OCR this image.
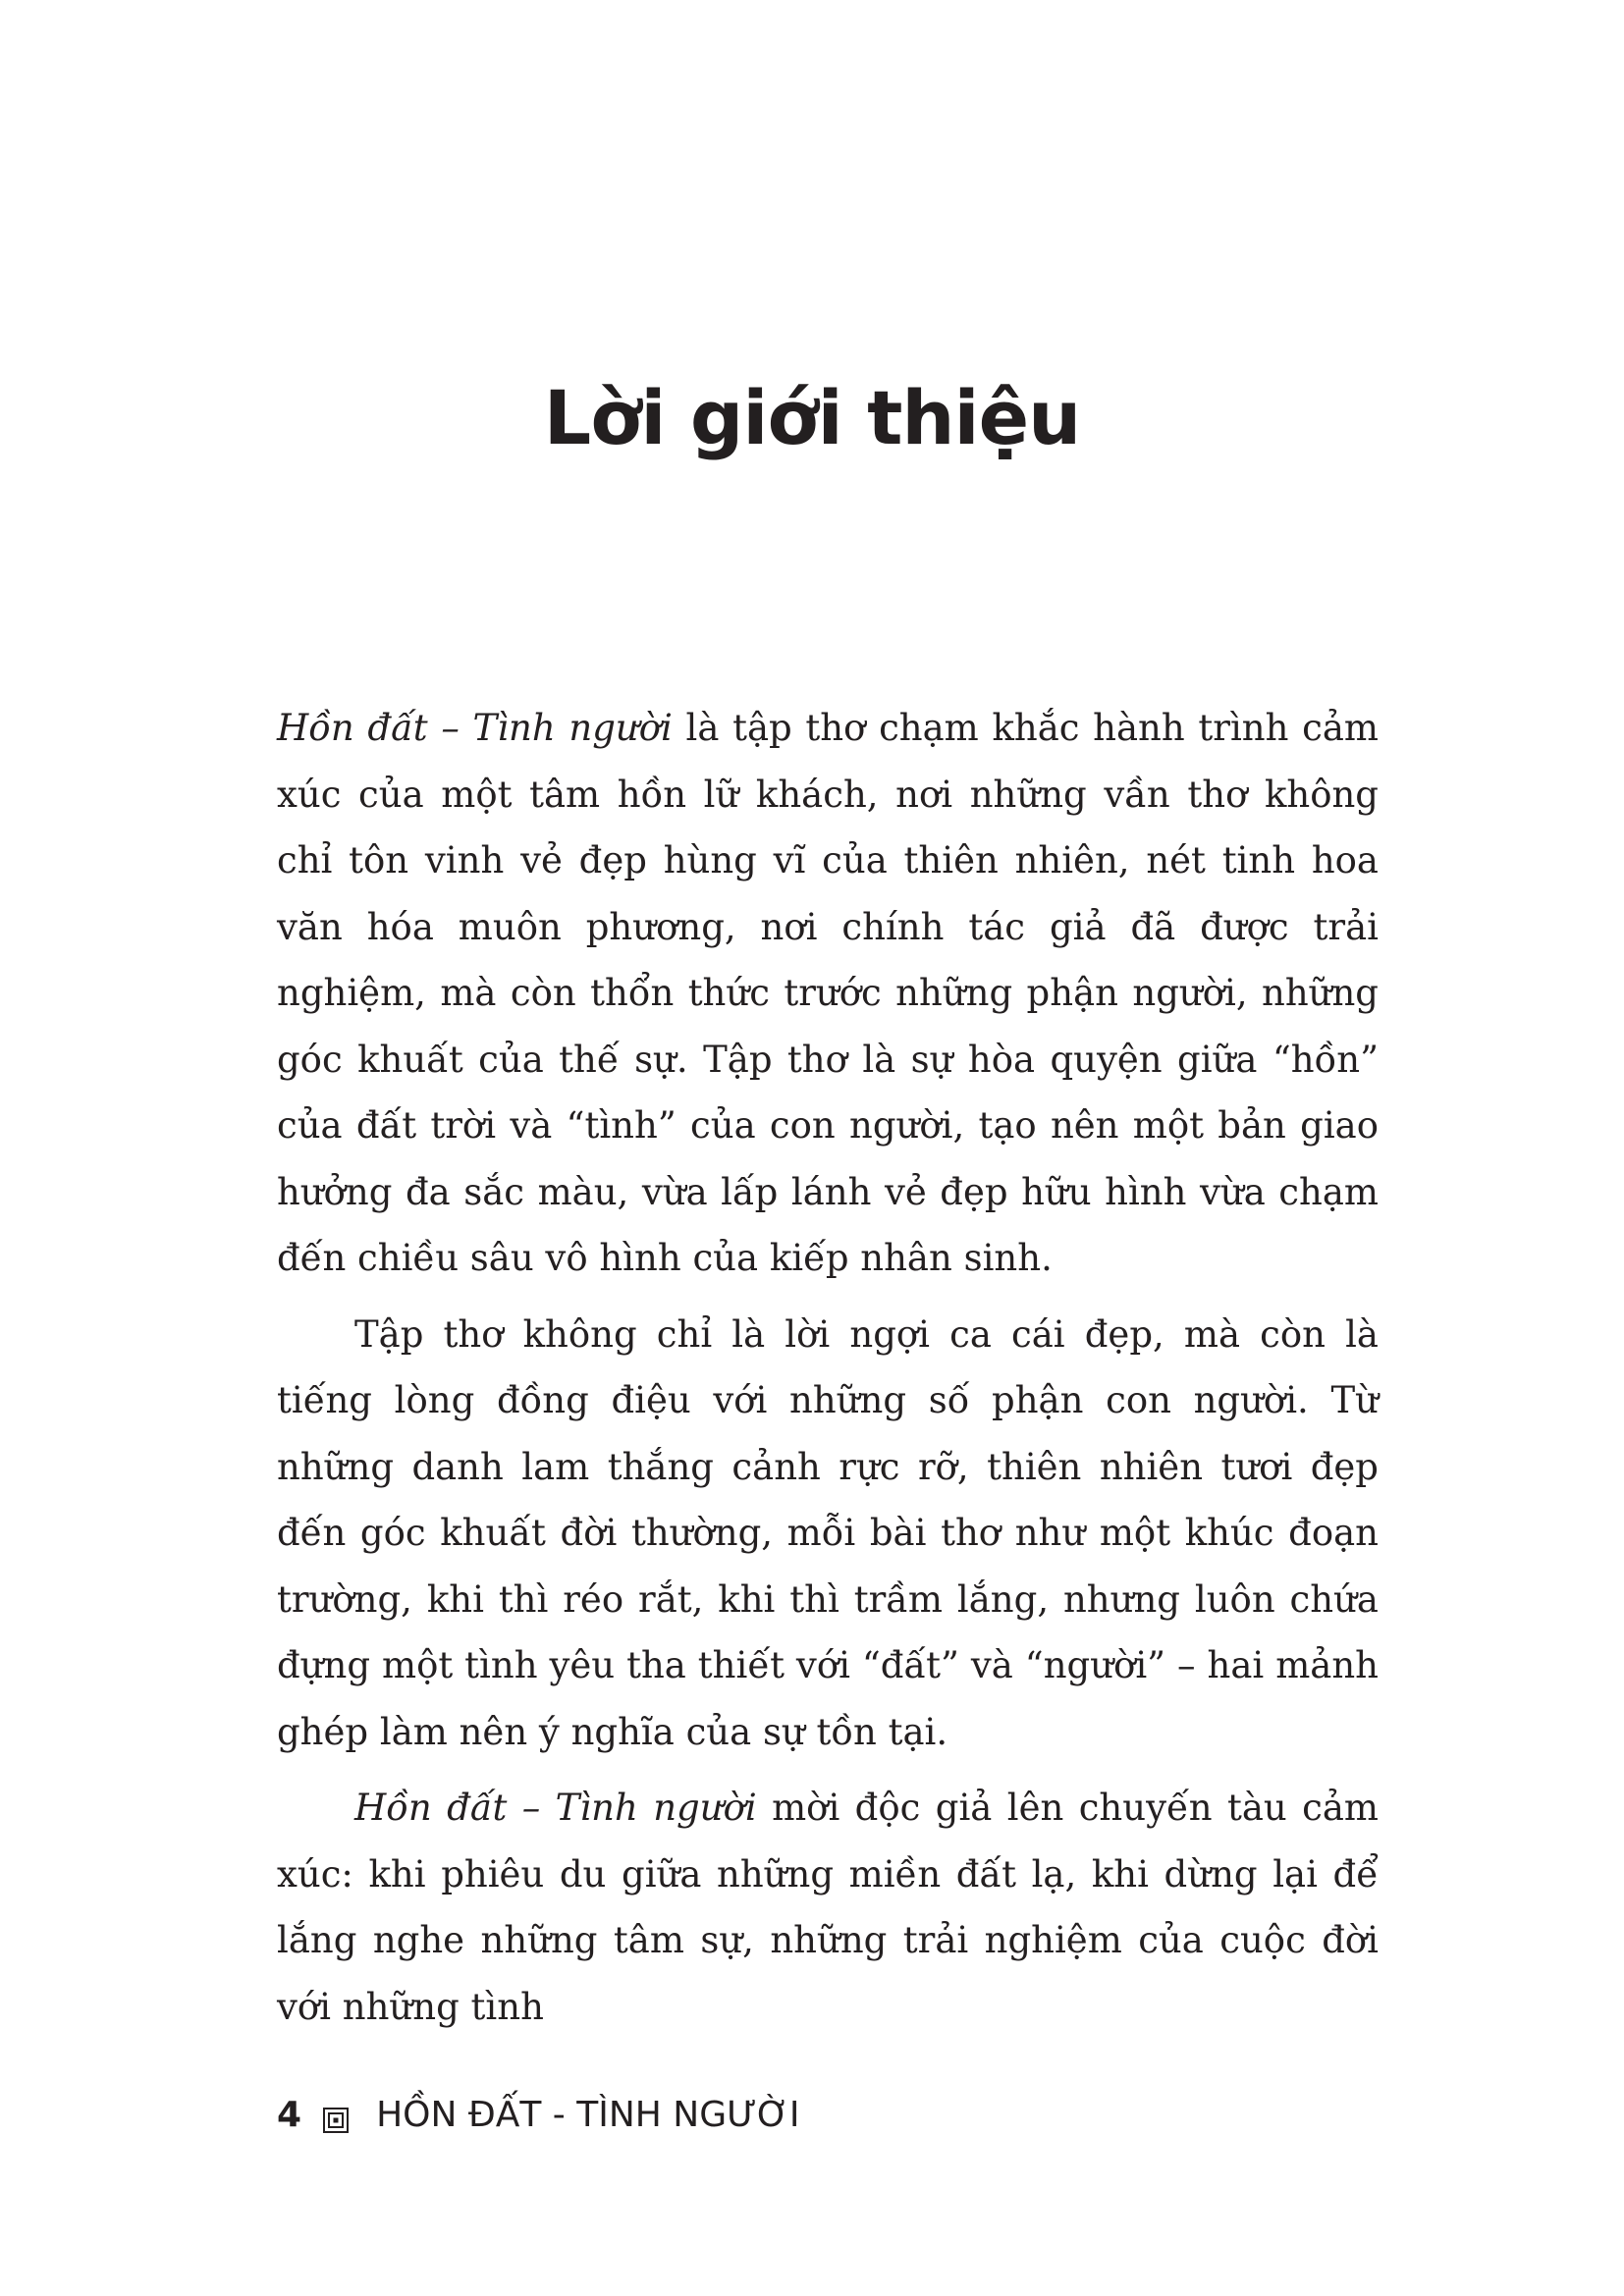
Lời giới thiệu

Hồn đất – Tình người là tập thơ chạm khắc hành trình cảm xúc của một tâm hồn lữ khách, nơi những vần thơ không chỉ tôn vinh vẻ đẹp hùng vĩ của thiên nhiên, nét tinh hoa văn hóa muôn phương, nơi chính tác giả đã được trải nghiệm, mà còn thổn thức trước những phận người, những góc khuất của thế sự. Tập thơ là sự hòa quyện giữa “hồn” của đất trời và “tình” của con người, tạo nên một bản giao hưởng đa sắc màu, vừa lấp lánh vẻ đẹp hữu hình vừa chạm đến chiều sâu vô hình của kiếp nhân sinh.

Tập thơ không chỉ là lời ngợi ca cái đẹp, mà còn là tiếng lòng đồng điệu với những số phận con người. Từ những danh lam thắng cảnh rực rỡ, thiên nhiên tươi đẹp đến góc khuất đời thường, mỗi bài thơ như một khúc đoạn trường, khi thì réo rắt, khi thì trầm lắng, nhưng luôn chứa đựng một tình yêu tha thiết với “đất” và “người” – hai mảnh ghép làm nên ý nghĩa của sự tồn tại.

Hồn đất – Tình người mời độc giả lên chuyến tàu cảm xúc: khi phiêu du giữa những miền đất lạ, khi dừng lại để lắng nghe những tâm sự, những trải nghiệm của cuộc đời với những tình

4 HỒN ĐẤT - TÌNH NGƯỜI
